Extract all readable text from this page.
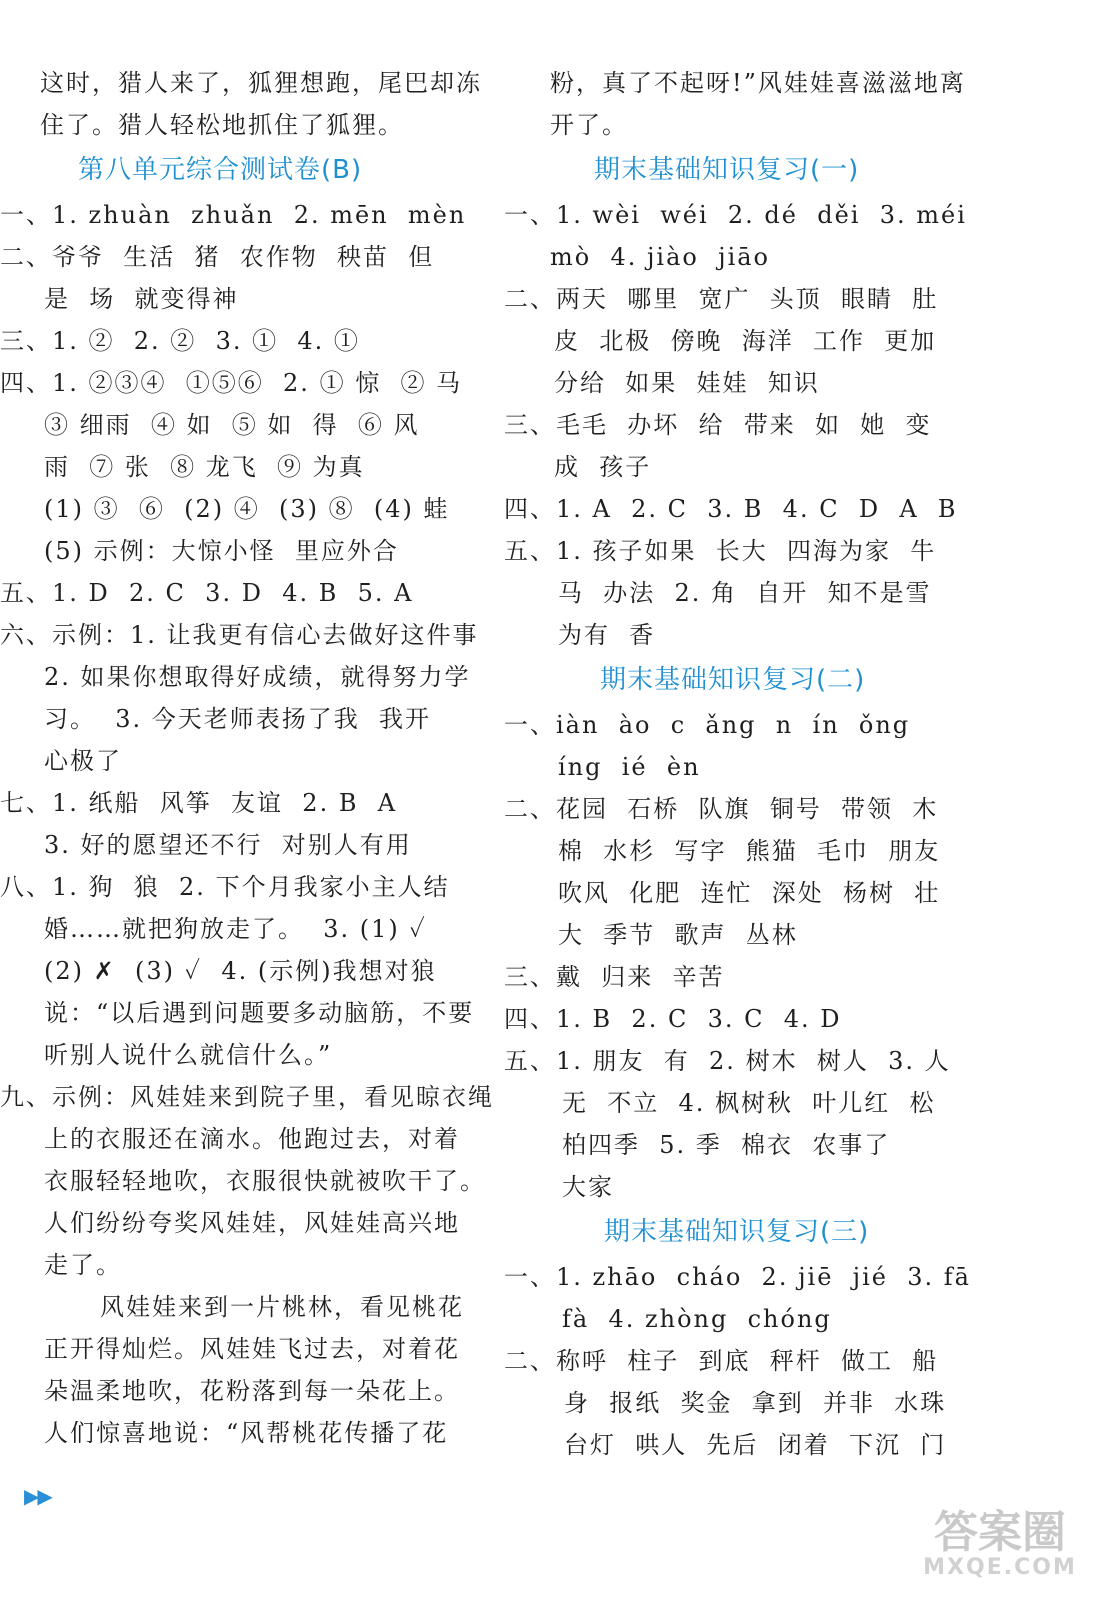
这时，猎人来了，狐狸想跑，尾巴却冻
住了。猎人轻松地抓住了狐狸。
第八单元综合测试卷(B)
一、1. zhuàn  zhuǎn  2. mēn  mèn
二、爷爷  生活  猪  农作物  秧苗  但
是  场  就变得神
三、1. ②  2. ②  3. ①  4. ①
四、1. ②③④  ①⑤⑥  2. ① 惊  ② 马
③ 细雨  ④ 如  ⑤ 如  得  ⑥ 风
雨  ⑦ 张  ⑧ 龙飞  ⑨ 为真
(1) ③  ⑥  (2) ④  (3) ⑧  (4) 蛙
(5) 示例：大惊小怪  里应外合
五、1. D  2. C  3. D  4. B  5. A
六、示例：1. 让我更有信心去做好这件事
2. 如果你想取得好成绩，就得努力学
习。  3. 今天老师表扬了我  我开
心极了
七、1. 纸船  风筝  友谊  2. B  A
3. 好的愿望还不行  对别人有用
八、1. 狗  狼  2. 下个月我家小主人结
婚……就把狗放走了。  3. (1) ✓
(2) ✗  (3) ✓  4. (示例)我想对狼
说：“以后遇到问题要多动脑筋，不要
听别人说什么就信什么。”
九、示例：风娃娃来到院子里，看见晾衣绳
上的衣服还在滴水。他跑过去，对着
衣服轻轻地吹，衣服很快就被吹干了。
人们纷纷夸奖风娃娃，风娃娃高兴地
走了。
风娃娃来到一片桃林，看见桃花
正开得灿烂。风娃娃飞过去，对着花
朵温柔地吹，花粉落到每一朵花上。
人们惊喜地说：“风帮桃花传播了花
粉，真了不起呀!”风娃娃喜滋滋地离
开了。
期末基础知识复习(一)
一、1. wèi  wéi  2. dé  děi  3. méi
mò  4. jiào  jiāo
二、两天  哪里  宽广  头顶  眼睛  肚
皮  北极  傍晚  海洋  工作  更加
分给  如果  娃娃  知识
三、毛毛  办坏  给  带来  如  她  变
成  孩子
四、1. A  2. C  3. B  4. C  D  A  B
五、1. 孩子如果  长大  四海为家  牛
马  办法  2. 角  自开  知不是雪
为有  香
期末基础知识复习(二)
一、iàn  ào  c  ǎng  n  ín  ǒng
íng  ié  èn
二、花园  石桥  队旗  铜号  带领  木
棉  水杉  写字  熊猫  毛巾  朋友
吹风  化肥  连忙  深处  杨树  壮
大  季节  歌声  丛林
三、戴  归来  辛苦
四、1. B  2. C  3. C  4. D
五、1. 朋友  有  2. 树木  树人  3. 人
无  不立  4. 枫树秋  叶儿红  松
柏四季  5. 季  棉衣  农事了
大家
期末基础知识复习(三)
一、1. zhāo  cháo  2. jiē  jié  3. fā
fà  4. zhòng  chóng
二、称呼  柱子  到底  秤杆  做工  船
身  报纸  奖金  拿到  并非  水珠
台灯  哄人  先后  闭着  下沉  门
▶▶
答案圈
MXQE.COM
